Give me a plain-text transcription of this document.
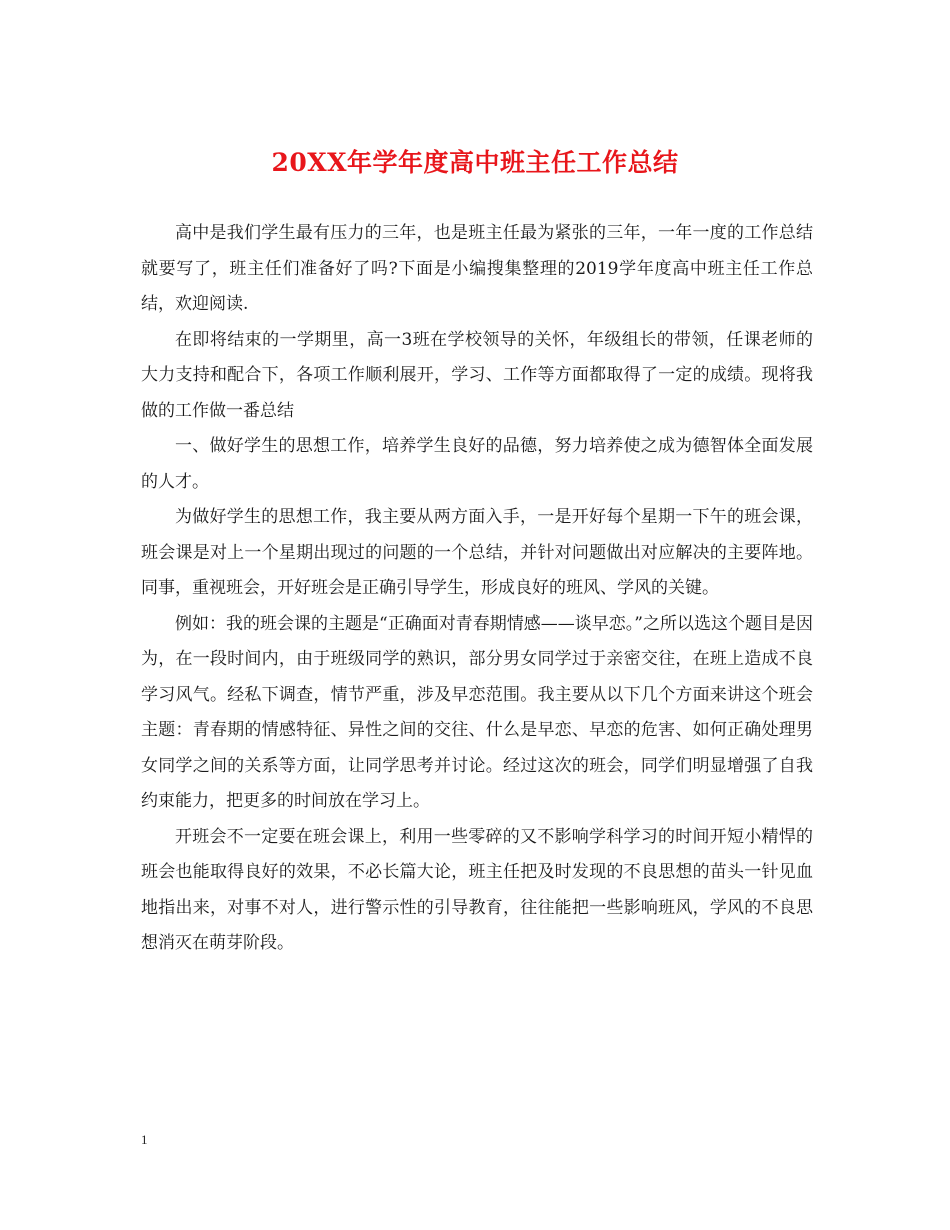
20XX年学年度高中班主任工作总结

高中是我们学生最有压力的三年，也是班主任最为紧张的三年，一年一度的工作总结就要写了，班主任们准备好了吗?下面是小编搜集整理的2019学年度高中班主任工作总结，欢迎阅读.

在即将结束的一学期里，高一3班在学校领导的关怀，年级组长的带领，任课老师的大力支持和配合下，各项工作顺利展开，学习、工作等方面都取得了一定的成绩。现将我做的工作做一番总结

一、做好学生的思想工作，培养学生良好的品德，努力培养使之成为德智体全面发展的人才。

为做好学生的思想工作，我主要从两方面入手，一是开好每个星期一下午的班会课，班会课是对上一个星期出现过的问题的一个总结，并针对问题做出对应解决的主要阵地。同事，重视班会，开好班会是正确引导学生，形成良好的班风、学风的关键。

例如：我的班会课的主题是“正确面对青春期情感——谈早恋。”之所以选这个题目是因为，在一段时间内，由于班级同学的熟识，部分男女同学过于亲密交往，在班上造成不良学习风气。经私下调查，情节严重，涉及早恋范围。我主要从以下几个方面来讲这个班会主题：青春期的情感特征、异性之间的交往、什么是早恋、早恋的危害、如何正确处理男女同学之间的关系等方面，让同学思考并讨论。经过这次的班会，同学们明显增强了自我约束能力，把更多的时间放在学习上。

开班会不一定要在班会课上，利用一些零碎的又不影响学科学习的时间开短小精悍的班会也能取得良好的效果，不必长篇大论，班主任把及时发现的不良思想的苗头一针见血地指出来，对事不对人，进行警示性的引导教育，往往能把一些影响班风，学风的不良思想消灭在萌芽阶段。

1
